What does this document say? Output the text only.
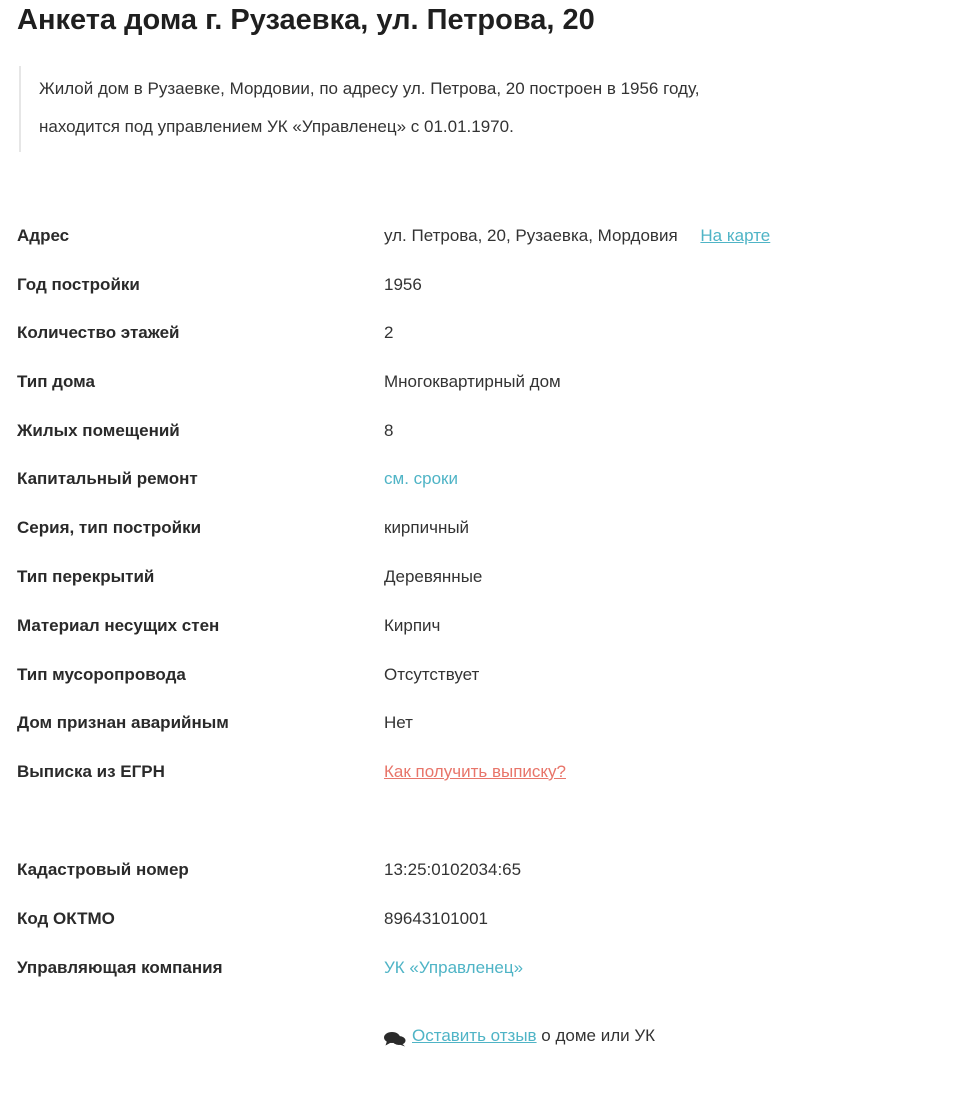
Анкета дома г. Рузаевка, ул. Петрова, 20

Жилой дом в Рузаевке, Мордовии, по адресу ул. Петрова, 20 построен в 1956 году,

находится под управлением УК «Управленец» с 01.01.1970.

Адрес	ул. Петрова, 20, Рузаевка, Мордовия На карте
Год постройки	1956
Количество этажей	2
Тип дома	Многоквартирный дом
Жилых помещений	8
Капитальный ремонт	см. сроки
Серия, тип постройки	кирпичный
Тип перекрытий	Деревянные
Материал несущих стен	Кирпич
Тип мусоропровода	Отсутствует
Дом признан аварийным	Нет
Выписка из ЕГРН	Как получить выписку?
Кадастровый номер	13:25:0102034:65
Код ОКТМО	89643101001
Управляющая компания	УК «Управленец»
Оставить отзыв о доме или УК
